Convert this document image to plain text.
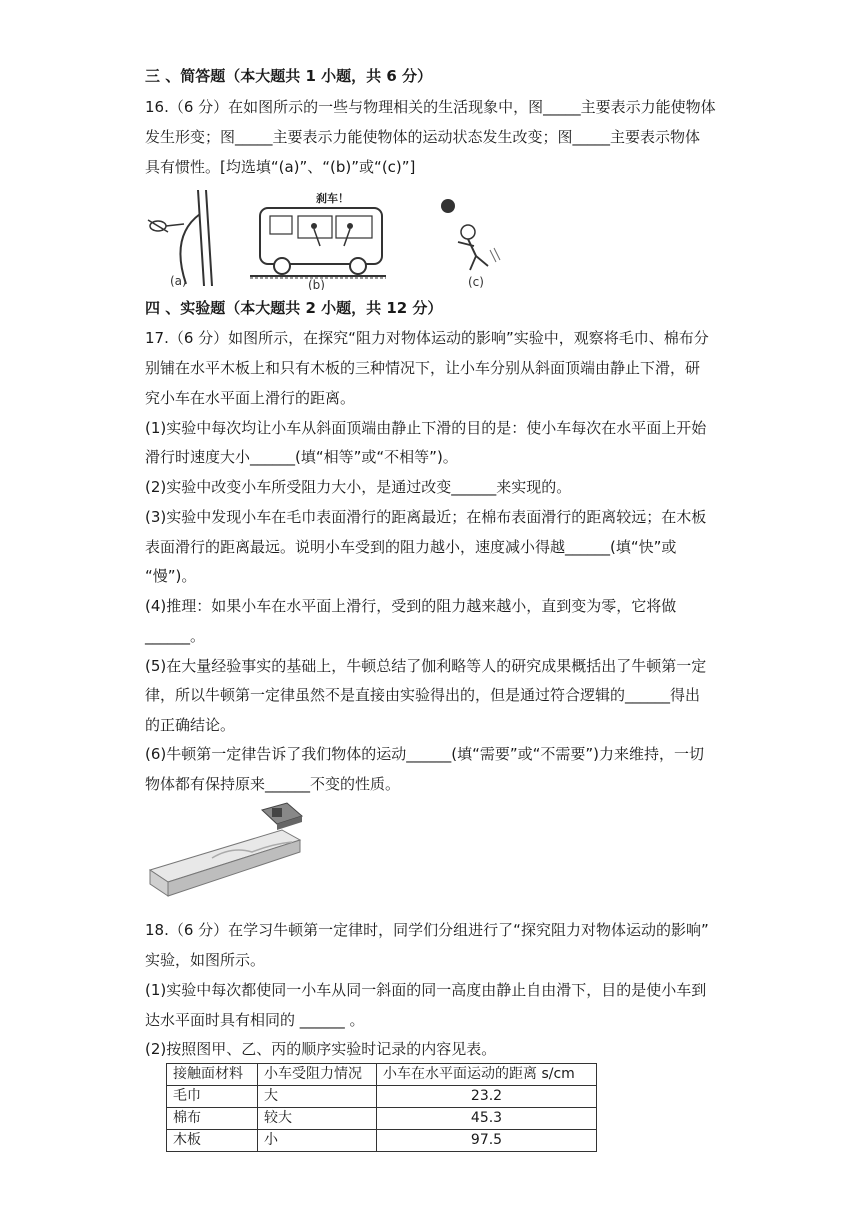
三 、简答题（本大题共 1 小题，共 6 分）
16.（6 分）在如图所示的一些与物理相关的生活现象中，图_____主要表示力能使物体
发生形变；图_____主要表示力能使物体的运动状态发生改变；图_____主要表示物体
具有惯性。[均选填“(a)”、“(b)”或“(c)”]
(a)
刹车！
(b)	(c)
四 、实验题（本大题共 2 小题，共 12 分）
17.（6 分）如图所示，在探究“阻力对物体运动的影响”实验中，观察将毛巾、棉布分
别铺在水平木板上和只有木板的三种情况下，让小车分别从斜面顶端由静止下滑，研
究小车在水平面上滑行的距离。
(1)实验中每次均让小车从斜面顶端由静止下滑的目的是：使小车每次在水平面上开始
滑行时速度大小______(填“相等”或“不相等”)。
(2)实验中改变小车所受阻力大小，是通过改变______来实现的。
(3)实验中发现小车在毛巾表面滑行的距离最近；在棉布表面滑行的距离较远；在木板
表面滑行的距离最远。说明小车受到的阻力越小，速度减小得越______(填“快”或
“慢”)。
(4)推理：如果小车在水平面上滑行，受到的阻力越来越小，直到变为零，它将做
______。
(5)在大量经验事实的基础上，牛顿总结了伽利略等人的研究成果概括出了牛顿第一定
律，所以牛顿第一定律虽然不是直接由实验得出的，但是通过符合逻辑的______得出
的正确结论。
(6)牛顿第一定律告诉了我们物体的运动______(填“需要”或“不需要”)力来维持，一切
物体都有保持原来______不变的性质。
18.（6 分）在学习牛顿第一定律时，同学们分组进行了“探究阻力对物体运动的影响”
实验，如图所示。
(1)实验中每次都使同一小车从同一斜面的同一高度由静止自由滑下，目的是使小车到
达水平面时具有相同的 ______ 。
(2)按照图甲、乙、丙的顺序实验时记录的内容见表。
接触面材料	小车受阻力情况	小车在水平面运动的距离 s/cm
毛巾	大	23.2
棉布	较大	45.3
木板	小	97.5
